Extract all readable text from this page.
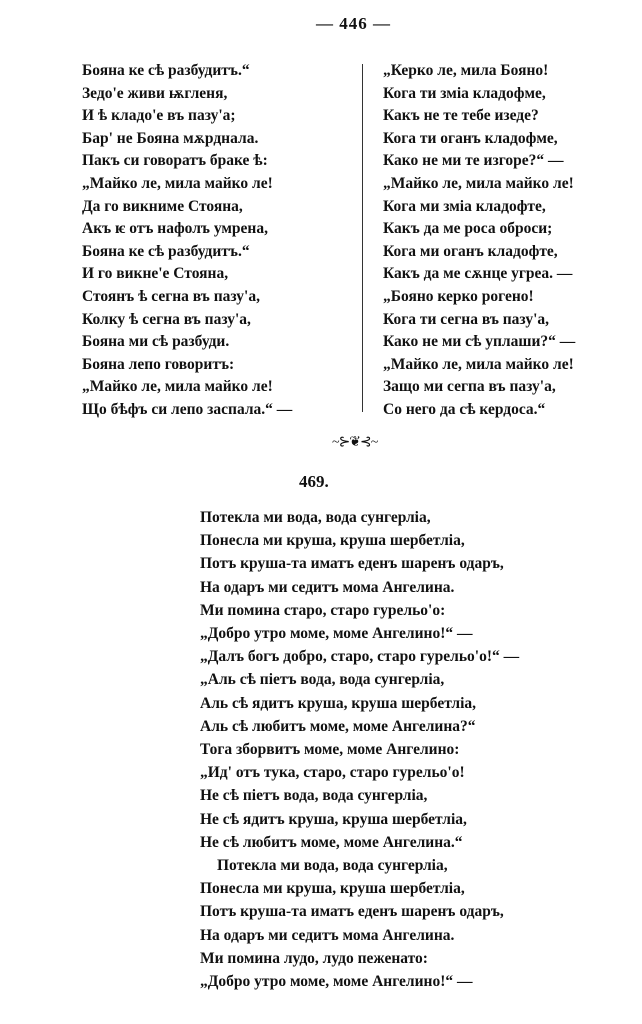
— 446 —
Бояна ке сѣ разбудитъ.“
Зедо'е живи ѭгленя,
И ѣ кладо'е въ пазу'а;
Бар' не Бояна мѫрднала.
Пакъ си говоратъ браке ѣ:
„Майко ле, мила майко ле!
Да го викниме Стояна,
Акъ ѥ отъ нафолъ умрена,
Бояна ке сѣ разбудитъ.“
И го викне'е Стояна,
Стоянъ ѣ сегна въ пазу'а,
Колку ѣ сегна въ пазу'а,
Бояна ми сѣ разбуди.
Бояна лепо говоритъ:
„Майко ле, мила майко ле!
Що бѣфъ си лепо заспала.“ —
„Керко ле, мила Бояно!
Кога ти зміа кладофме,
Какъ не те тебе изеде?
Кога ти оганъ кладофме,
Како не ми те изгоре?“ —
„Майко ле, мила майко ле!
Кога ми зміа кладофте,
Какъ да ме роса оброси;
Кога ми оганъ кладофте,
Какъ да ме сѫнце угреа. —
„Бояно керко рогено!
Кога ти сегна въ пазу'а,
Како не ми сѣ уплаши?“ —
„Майко ле, мила майко ле!
Защо ми сегпа въ пазу'а,
Со него да сѣ кердоса.“
~⊱❦⊰~
469.
Потекла ми вода, вода сунгерліа,
Понесла ми круша, круша шербетліа,
Потъ круша-та иматъ еденъ шаренъ одаръ,
На одаръ ми седитъ мома Ангелина.
Ми помина старо, старо гурельо'о:
„Добро утро моме, моме Ангелино!“ —
„Далъ богъ добро, старо, старо гурельо'о!“ —
„Аль сѣ піетъ вода, вода сунгерліа,
Аль сѣ ядитъ круша, круша шербетліа,
Аль сѣ любитъ моме, моме Ангелина?“
Тога зборвитъ моме, моме Ангелино:
„Ид' отъ тука, старо, старо гурельо'о!
Не сѣ піетъ вода, вода сунгерліа,
Не сѣ ядитъ круша, круша шербетліа,
Не сѣ любитъ моме, моме Ангелина.“
Потекла ми вода, вода сунгерліа,
Понесла ми круша, круша шербетліа,
Потъ круша-та иматъ еденъ шаренъ одаръ,
На одаръ ми седитъ мома Ангелина.
Ми помина лудо, лудо пеженато:
„Добро утро моме, моме Ангелино!“ —
